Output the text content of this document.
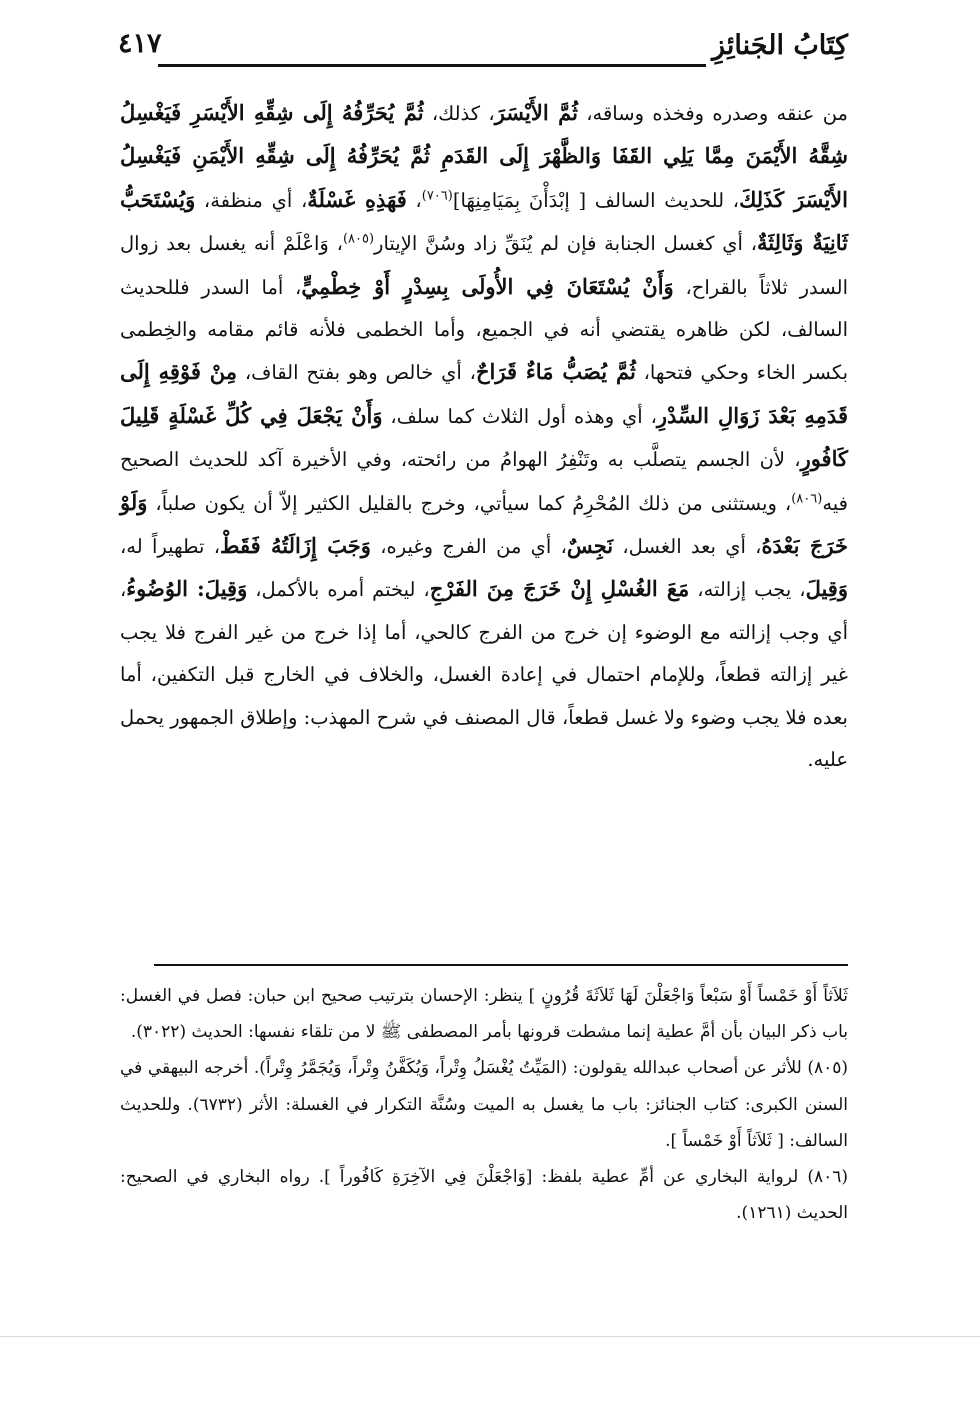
كِتَابُ الجَنائِزِ
٤١٧

من عنقه وصدره وفخذه وساقه، ثُمَّ الأَيْسَرَ، كذلك، ثُمَّ يُحَرِّفُهُ إِلَى شِقِّهِ الأَيْسَرِ فَيَغْسِلُ شِقَّهُ الأَيْمَنَ مِمَّا يَلِي القَفَا وَالظَّهْرَ إِلَى القَدَمِ ثُمَّ يُحَرِّفُهُ إِلَى شِقِّهِ الأَيْمَنِ فَيَغْسِلُ الأَيْسَرَ كَذَلِكَ، للحديث السالف [ إبْدَأْنَ بِمَيَامِنِهَا]$^{(٧٠٦)}$، فَهَذِهِ غَسْلَةٌ، أي منظفة، وَيُسْتَحَبُّ ثَانِيَةٌ وَثَالِثَةٌ، أي كغسل الجنابة فإن لم يُنَقِّ زاد وسُنَّ الإيتار$^{(٨٠٥)}$، وَاعْلَمْ أنه يغسل بعد زوال السدر ثلاثاً بالقراح، وَأَنْ يُسْتَعَانَ فِي الأُولَى بِسِدْرٍ أَوْ خِطْمِيٍّ، أما السدر فللحديث السالف، لكن ظاهره يقتضي أنه في الجميع، وأما الخطمى فلأنه قائم مقامه والخِطمى بكسر الخاء وحكي فتحها، ثُمَّ يُصَبُّ مَاءٌ قَرَاحٌ، أي خالص وهو بفتح القاف، مِنْ فَوْقِهِ إِلَى قَدَمِهِ بَعْدَ زَوَالِ السِّدْرِ، أي وهذه أول الثلاث كما سلف، وَأَنْ يَجْعَلَ فِي كُلِّ غَسْلَةٍ قَلِيلَ كَافُورٍ، لأن الجسم يتصلَّب به وتَنْفِرُ الهوامُ من رائحته، وفي الأخيرة آكد للحديث الصحيح فيه$^{(٨٠٦)}$، ويستثنى من ذلك المُحْرِمُ كما سيأتي، وخرج بالقليل الكثير إلاّ أن يكون صلباً، وَلَوْ خَرَجَ بَعْدَهُ، أي بعد الغسل، نَجِسٌ، أي من الفرج وغيره، وَجَبَ إِزَالَتُهُ فَقَطْ، تطهيراً له، وَقِيلَ، يجب إزالته، مَعَ الغُسْلِ إِنْ خَرَجَ مِنَ الفَرْجِ، ليختم أمره بالأكمل، وَقِيلَ: الوُضُوءُ، أي وجب إزالته مع الوضوء إن خرج من الفرج كالحي، أما إذا خرج من غير الفرج فلا يجب غير إزالته قطعاً، وللإمام احتمال في إعادة الغسل، والخلاف في الخارج قبل التكفين، أما بعده فلا يجب وضوء ولا غسل قطعاً، قال المصنف في شرح المهذب: وإطلاق الجمهور يحمل عليه.

ثَلاَثاً أَوْ خَمْساً أَوْ سَبْعاً وَاجْعَلْنَ لَهَا ثَلاَثَةَ قُرُونٍ ] ينظر: الإحسان بترتيب صحيح ابن حبان: فصل في الغسل: باب ذكر البيان بأن أمَّ عطية إنما مشطت قرونها بأمر المصطفى ﷺ لا من تلقاء نفسها: الحديث (٣٠٢٢).

(٨٠٥) للأثر عن أصحاب عبدالله يقولون: (المَيِّتُ يُغْسَلُ وِتْراً، وَيُكَفَّنُ وِتْراً، وَيُجَمَّرُ وِتْراً). أخرجه البيهقي في السنن الكبرى: كتاب الجنائز: باب ما يغسل به الميت وسُنَّة التكرار في الغسلة: الأثر (٦٧٣٢). وللحديث السالف: [ ثَلاَثاً أَوْ خَمْساً ].

(٨٠٦) لرواية البخاري عن أمِّ عطية بلفظ: [وَاجْعَلْنَ فِي الآخِرَةِ كَافُوراً ]. رواه البخاري في الصحيح: الحديث (١٢٦١).
